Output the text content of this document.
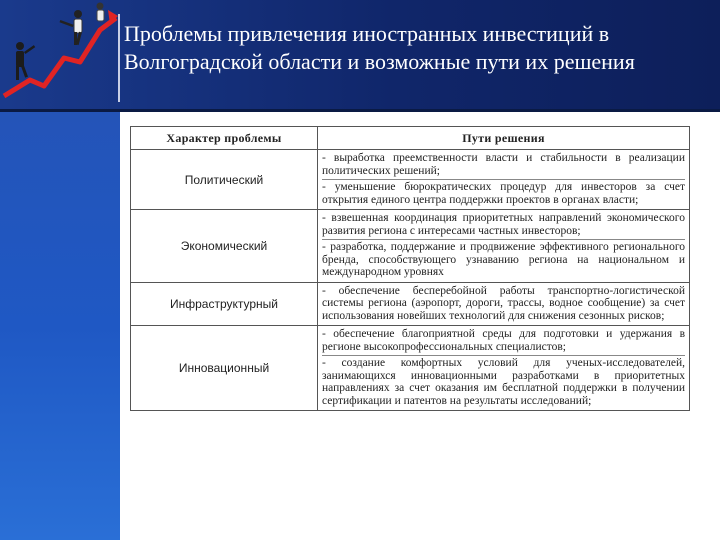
Проблемы привлечения иностранных инвестиций в Волгоградской области и возможные пути их решения
Характер проблемы	Пути решения
Политический	- выработка преемственности власти и стабильности в реализации политических решений;
- уменьшение бюрократических процедур для инвесторов за счет открытия единого центра поддержки проектов в органах власти;

Экономический	- взвешенная координация приоритетных направлений экономического развития региона с интересами частных инвесторов;
- разработка, поддержание и продвижение эффективного регионального бренда, способствующего узнаванию региона на национальном и международном уровнях

Инфраструктурный	- обеспечение бесперебойной работы транспортно-логистической системы региона (аэропорт, дороги, трассы, водное сообщение) за счет использования новейших технологий для снижения сезонных рисков;

Инновационный	- обеспечение благоприятной среды для подготовки и удержания в регионе высокопрофессиональных специалистов;
- создание комфортных условий для ученых-исследователей, занимающихся инновационными разработками в приоритетных направлениях за счет оказания им бесплатной поддержки в получении сертификации и патентов на результаты исследований;
